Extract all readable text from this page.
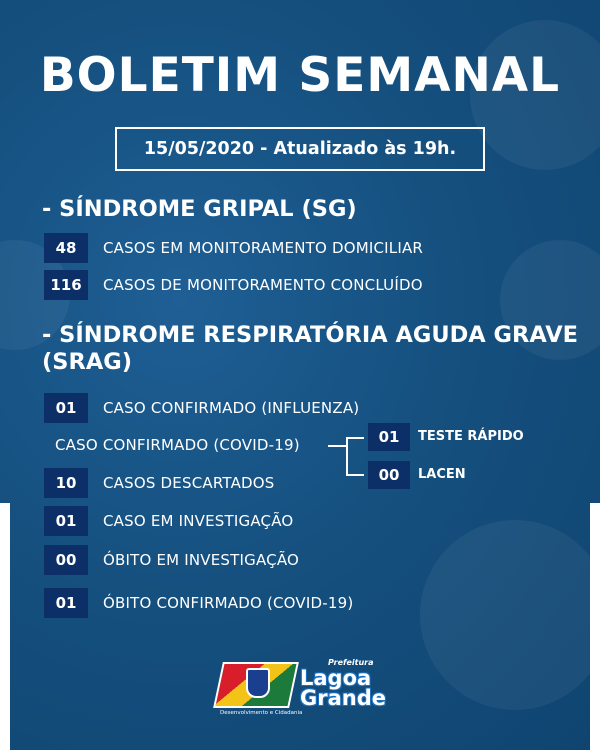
BOLETIM SEMANAL
15/05/2020 - Atualizado às 19h.
- SÍNDROME GRIPAL (SG)
48	CASOS EM MONITORAMENTO DOMICILIAR
116	CASOS DE MONITORAMENTO CONCLUÍDO
- SÍNDROME RESPIRATÓRIA AGUDA GRAVE (SRAG)
01	CASO CONFIRMADO (INFLUENZA)
CASO CONFIRMADO (COVID-19)	01	TESTE RÁPIDO
00	LACEN
10	CASOS DESCARTADOS
01	CASO EM INVESTIGAÇÃO
00	ÓBITO EM INVESTIGAÇÃO
01	ÓBITO CONFIRMADO (COVID-19)
Desenvolvimento e Cidadania
Prefeitura
Lagoa
Grande
